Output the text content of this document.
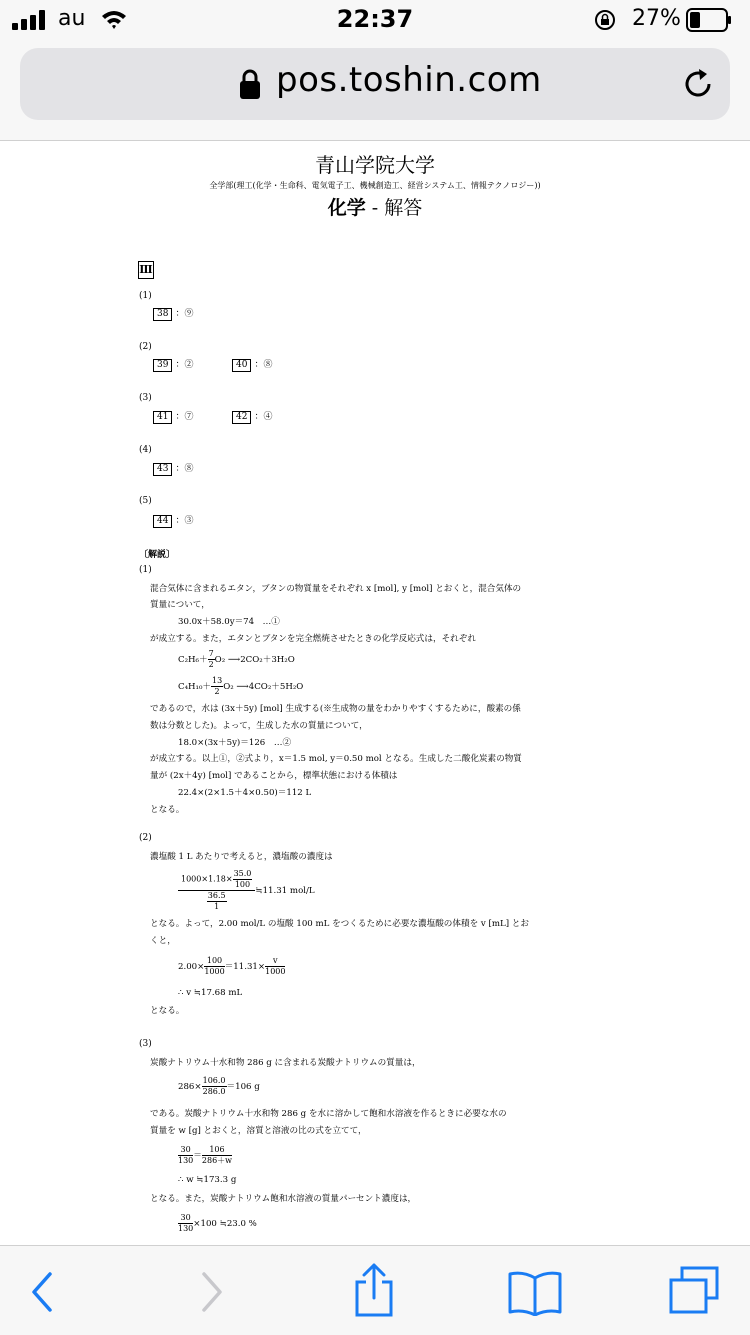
au	22:37	27%
pos.toshin.com
青山学院大学
全学部(理工(化学・生命科、電気電子工、機械創造工、経営システム工、情報テクノロジー))
化学 - 解答
Ⅲ
(1)
38 ：⑨
(2)
39 ：②	40 ：⑧
(3)
41 ：⑦	42 ：④
(4)
43 ：⑧
(5)
44 ：③
〔解説〕
(1)
混合気体に含まれるエタン，ブタンの物質量をそれぞれ x [mol], y [mol] とおくと，混合気体の
質量について，
30.0x＋58.0y＝74　…①
が成立する。また，エタンとブタンを完全燃焼させたときの化学反応式は，それぞれ
$C_2H_6+ \frac{7}{2} O_2$ ⟶2CO₂＋3H₂O
$C_4H_{10}+ \frac{13}{2} O_2$ ⟶4CO₂＋5H₂O
であるので，水は (3x＋5y) [mol] 生成する(※生成物の量をわかりやすくするために，酸素の係
数は分数とした)。よって，生成した水の質量について，
18.0×(3x＋5y)＝126　…②
が成立する。以上①，②式より，x＝1.5 mol, y＝0.50 mol となる。生成した二酸化炭素の物質
量が (2x＋4y) [mol] であることから，標準状態における体積は
22.4×(2×1.5＋4×0.50)＝112 L
となる。
(2)
濃塩酸 1 L あたりで考えると，濃塩酸の濃度は
$\frac{1000\times 1.18\times \frac{35.0}{100}}{\frac{36.5}{1}}$ ≒11.31 mol/L
となる。よって，2.00 mol/L の塩酸 100 mL をつくるために必要な濃塩酸の体積を v [mL] とお
くと，
$2.00\times \frac{100}{1000} =11.31\times \frac{v}{1000}$
∴ v ≒17.68 mL
となる。
(3)
炭酸ナトリウム十水和物 286 g に含まれる炭酸ナトリウムの質量は，
$286\times \frac{106.0}{286.0} =106$ g
である。炭酸ナトリウム十水和物 286 g を水に溶かして飽和水溶液を作るときに必要な水の
質量を w [g] とおくと，溶質と溶液の比の式を立てて，
$\frac{30}{130} = \frac{106}{286+w}$
∴ w ≒173.3 g
となる。また，炭酸ナトリウム飽和水溶液の質量パーセント濃度は，
$\frac{30}{130} \times 100$ ≒23.0 %
